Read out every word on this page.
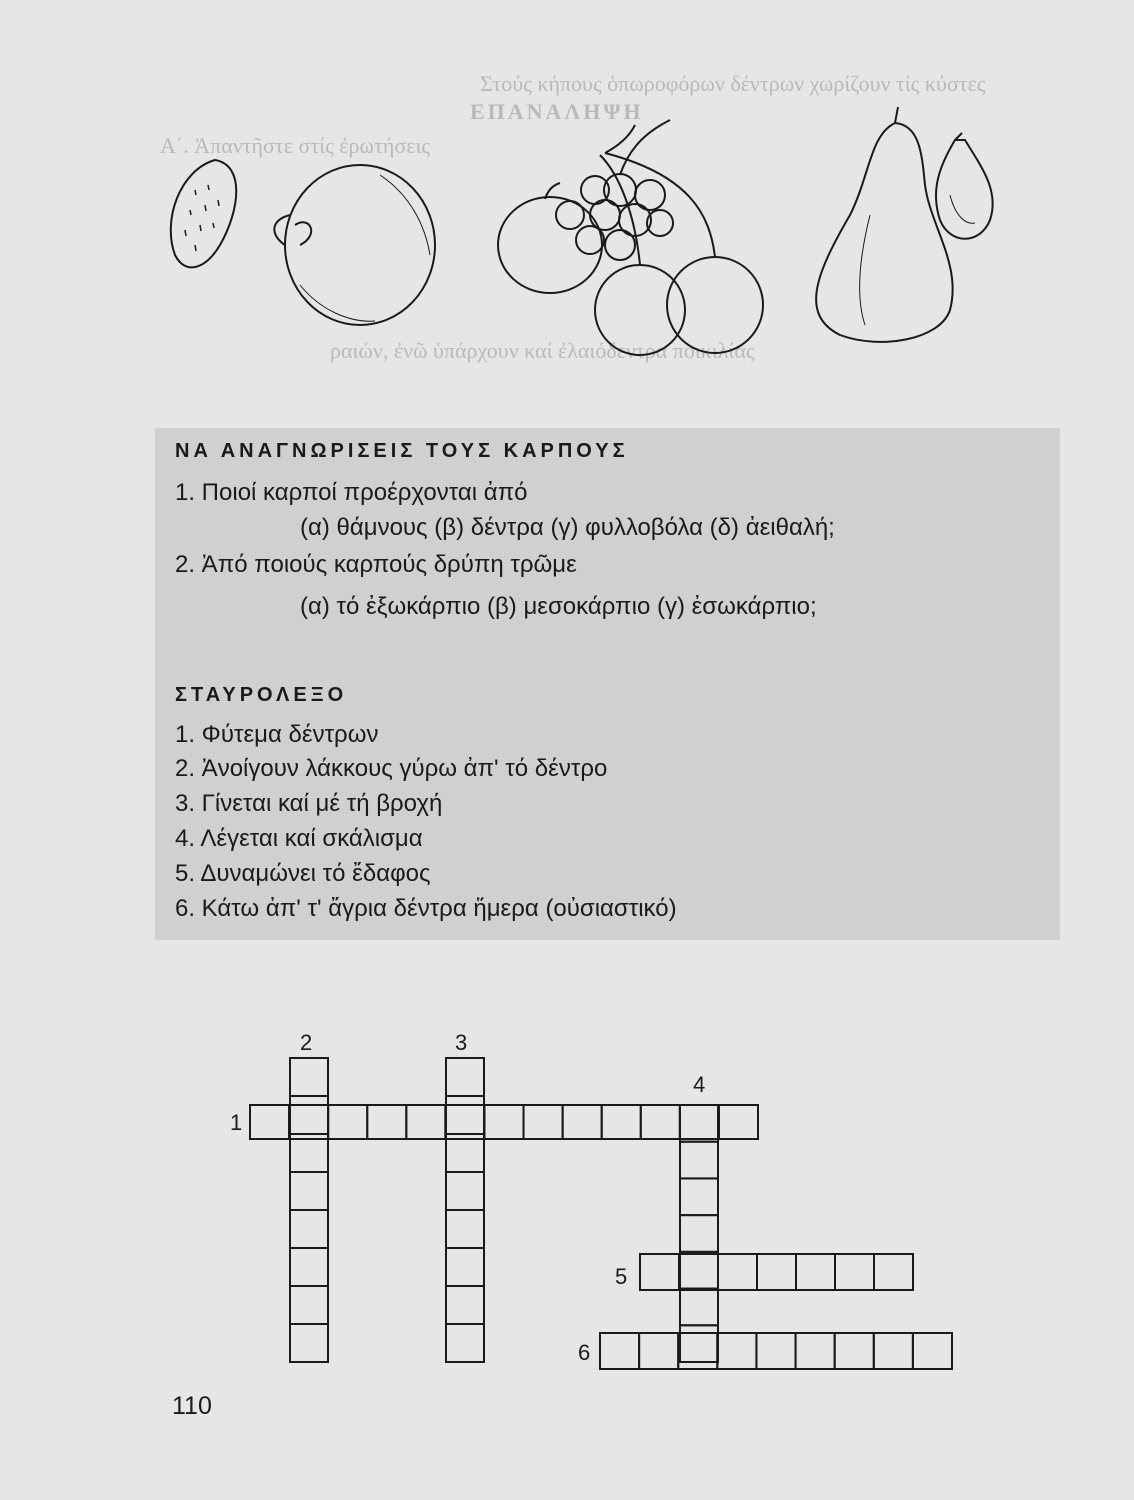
ΕΠΑΝΑΛΗΨΗ
Στούς κήπους ὁπωροφόρων δέντρων χωρίζουν τίς κύστες
Α΄. Ἀπαντῆστε στίς ἐρωτήσεις
ραιών, ἐνῶ ὑπάρχουν καί ἐλαιόδεντρα ποικιλίας
ΝΑ ΑΝΑΓΝΩΡΙΣΕΙΣ ΤΟΥΣ ΚΑΡΠΟΥΣ
1. Ποιοί καρποί προέρχονται ἀπό
(α) θάμνους (β) δέντρα (γ) φυλλοβόλα (δ) ἀειθαλή;
2. Ἀπό ποιούς καρπούς δρύπη τρῶμε
(α) τό ἐξωκάρπιο (β) μεσοκάρπιο (γ) ἐσωκάρπιο;
ΣΤΑΥΡΟΛΕΞΟ
1. Φύτεμα δέντρων
2. Ἀνοίγουν λάκκους γύρω ἀπ' τό δέντρο
3. Γίνεται καί μέ τή βροχή
4. Λέγεται καί σκάλισμα
5. Δυναμώνει τό ἔδαφος
6. Κάτω ἀπ' τ' ἄγρια δέντρα ἥμερα (οὐσιαστικό)
1
2	3
4
5
6
110
